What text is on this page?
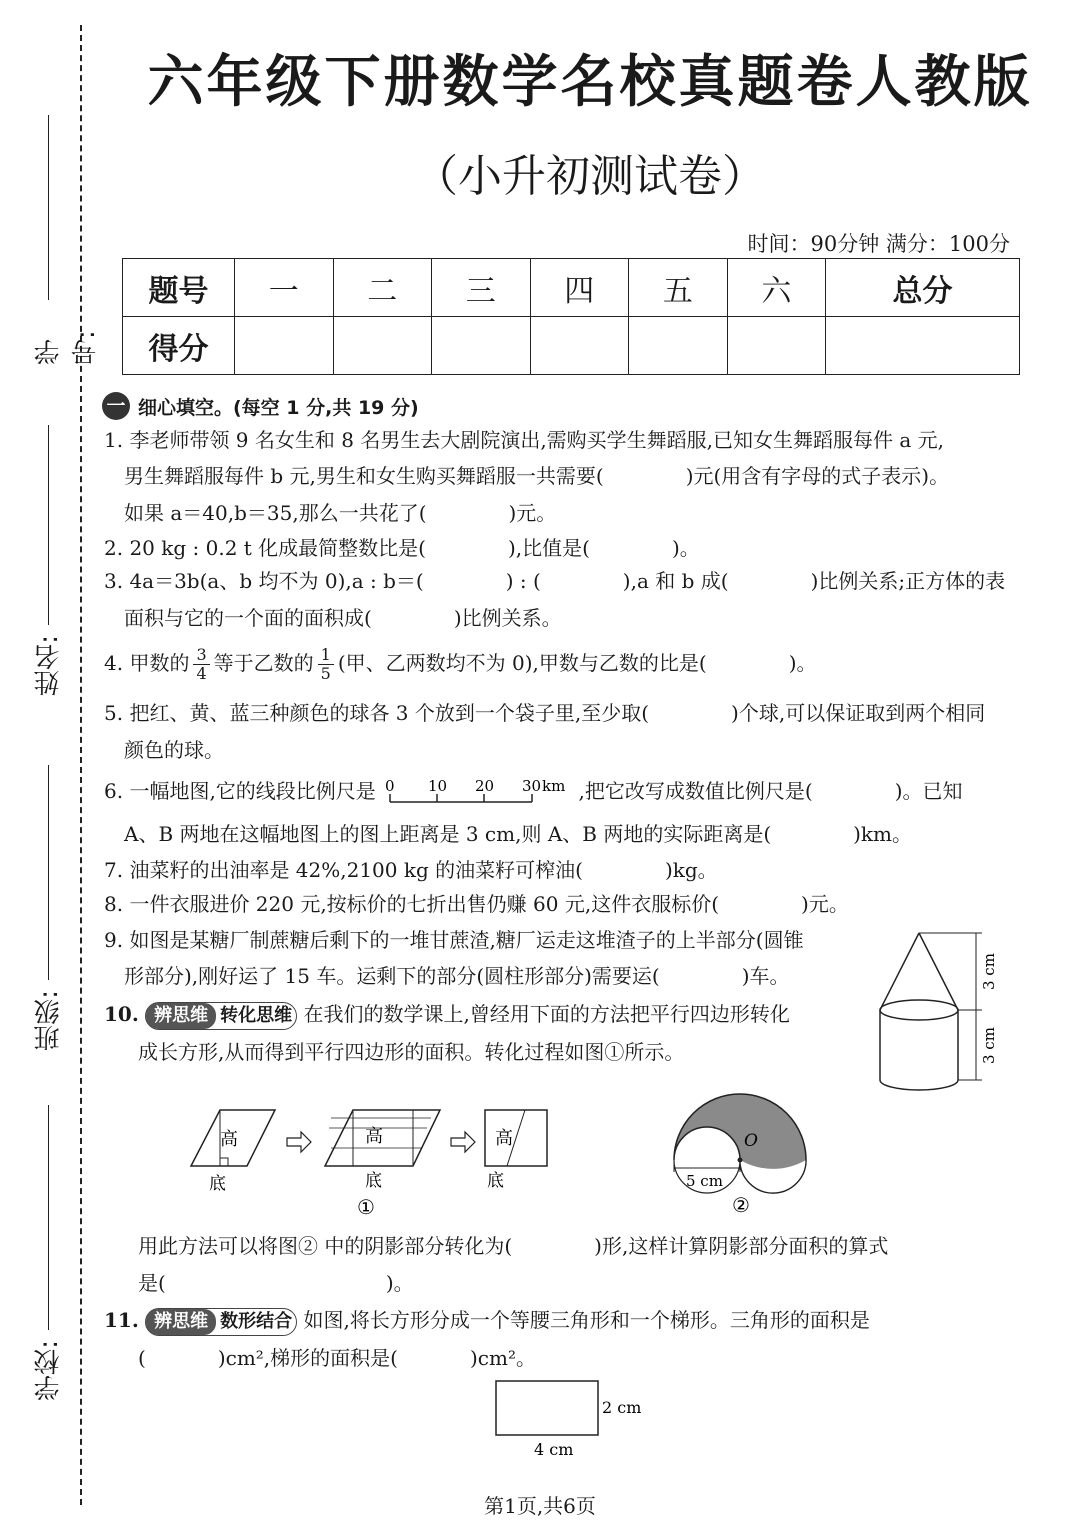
学号:
姓名:
班级:
学校:
六年级下册数学名校真题卷人教版
（小升初测试卷）
时间：90分钟 满分：100分
题号	一	二	三	四	五	六	总分
得分							
一 细心填空。(每空 1 分,共 19 分)
1. 李老师带领 9 名女生和 8 名男生去大剧院演出,需购买学生舞蹈服,已知女生舞蹈服每件 a 元,
男生舞蹈服每件 b 元,男生和女生购买舞蹈服一共需要(	)元(用含有字母的式子表示)。
如果 a＝40,b＝35,那么一共花了(	)元。
2. 20 kg : 0.2 t 化成最简整数比是(	),比值是(	)。
3. 4a＝3b(a、b 均不为 0),a : b＝(	) : (	),a 和 b 成(	)比例关系;正方体的表
面积与它的一个面的面积成(	)比例关系。
4. 甲数的 $\frac{3}{4}$ 等于乙数的 $\frac{1}{5}$ (甲、乙两数均不为 0),甲数与乙数的比是(	)。
5. 把红、黄、蓝三种颜色的球各 3 个放到一个袋子里,至少取(	)个球,可以保证取到两个相同
颜色的球。
6. 一幅地图,它的线段比例尺是 0 10 20 30 km ,把它改写成数值比例尺是(	)。已知
A、B 两地在这幅地图上的图上距离是 3 cm,则 A、B 两地的实际距离是(	)km。
7. 油菜籽的出油率是 42%,2100 kg 的油菜籽可榨油(	)kg。
8. 一件衣服进价 220 元,按标价的七折出售仍赚 60 元,这件衣服标价(	)元。
9. 如图是某糖厂制蔗糖后剩下的一堆甘蔗渣,糖厂运走这堆渣子的上半部分(圆锥
形部分),刚好运了 15 车。运剩下的部分(圆柱形部分)需要运(	)车。	3 cm
3 cm
10. 辨思维 转化思维 在我们的数学课上,曾经用下面的方法把平行四边形转化
成长方形,从而得到平行四边形的面积。转化过程如图①所示。
高
底
高
底
①
高
底
O
5 cm
②
用此方法可以将图② 中的阴影部分转化为(	)形,这样计算阴影部分面积的算式
是(	)。
11. 辨思维 数形结合 如图,将长方形分成一个等腰三角形和一个梯形。三角形的面积是
(	)cm²,梯形的面积是(	)cm²。
2 cm
4 cm
第1页,共6页
